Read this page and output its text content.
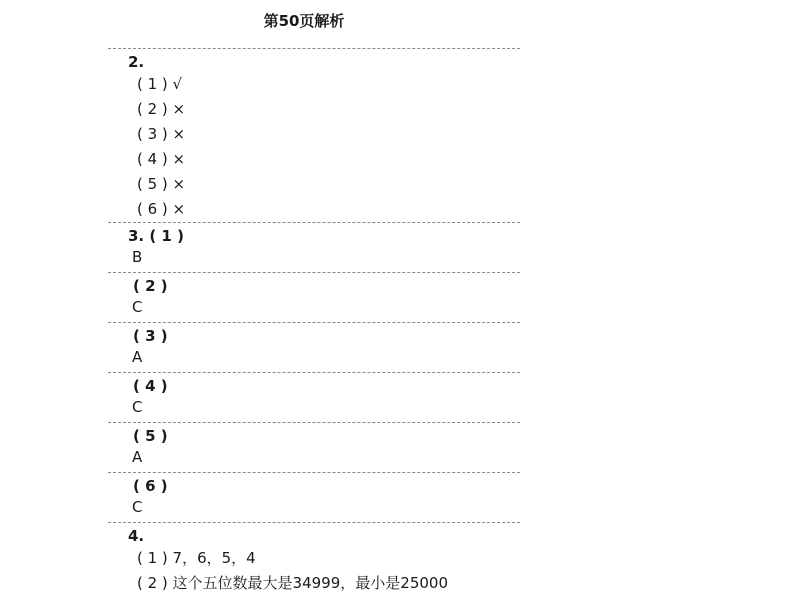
第50页解析
2.
( 1 ) √
( 2 ) ×
( 3 ) ×
( 4 ) ×
( 5 ) ×
( 6 ) ×
3. ( 1 )
B
( 2 )
C
( 3 )
A
( 4 )
C
( 5 )
A
( 6 )
C
4.
( 1 ) 7，6，5，4
( 2 ) 这个五位数最大是34999，最小是25000
